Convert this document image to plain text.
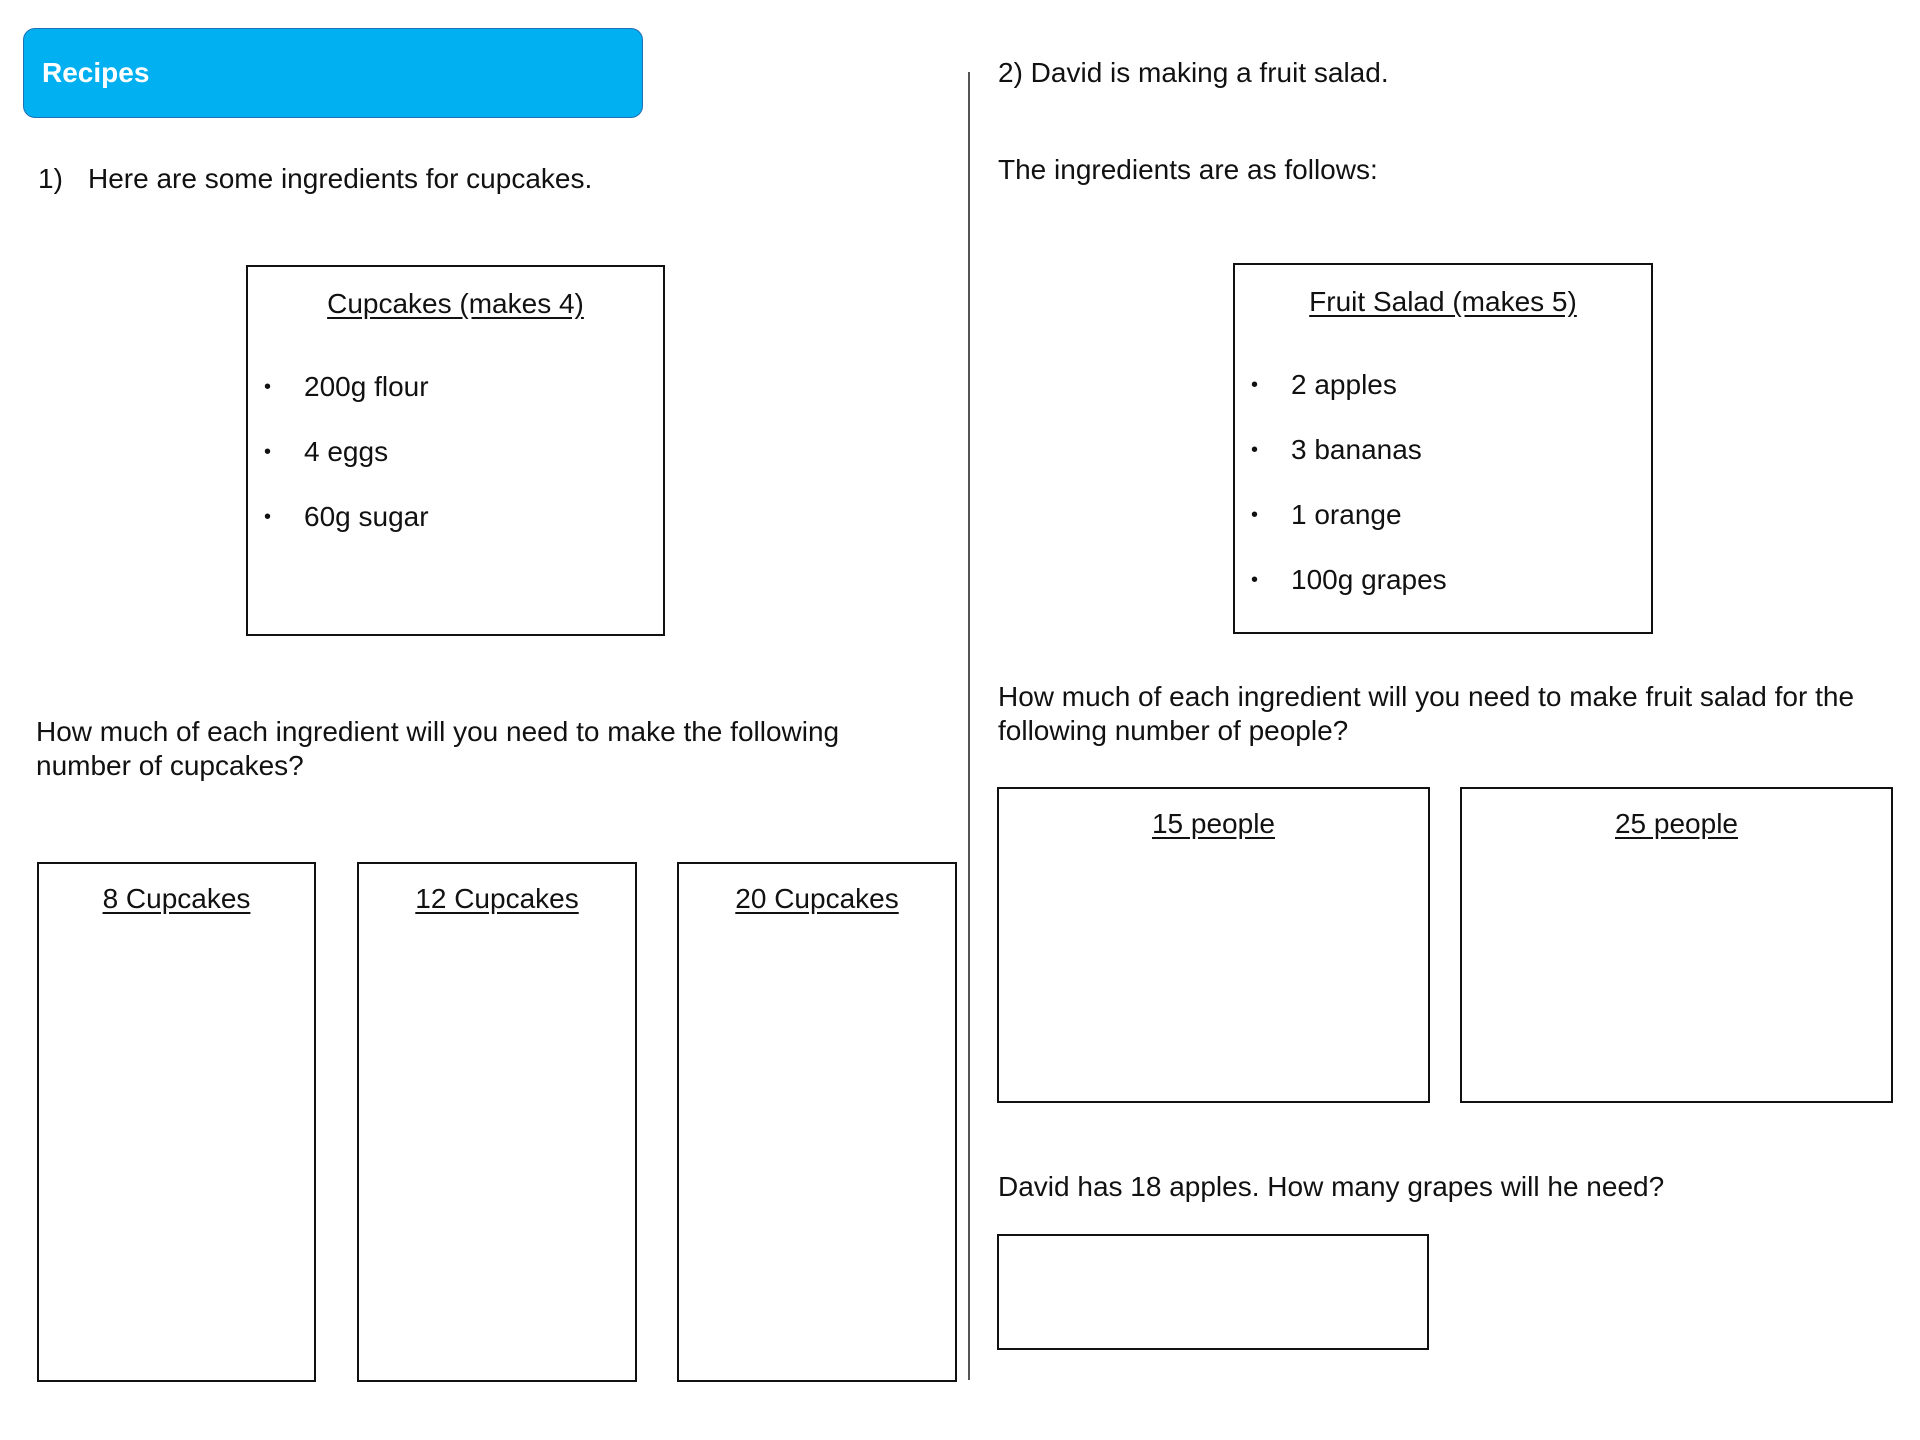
Recipes
1) Here are some ingredients for cupcakes.
Cupcakes (makes 4)
• 200g flour
• 4 eggs
• 60g sugar
How much of each ingredient will you need to make the following number of cupcakes?
8 Cupcakes	12 Cupcakes	20 Cupcakes
2) David is making a fruit salad.
The ingredients are as follows:
Fruit Salad (makes 5)
• 2 apples
• 3 bananas
• 1 orange
• 100g grapes
How much of each ingredient will you need to make fruit salad for the following number of people?
15 people	25 people
David has 18 apples. How many grapes will he need?
